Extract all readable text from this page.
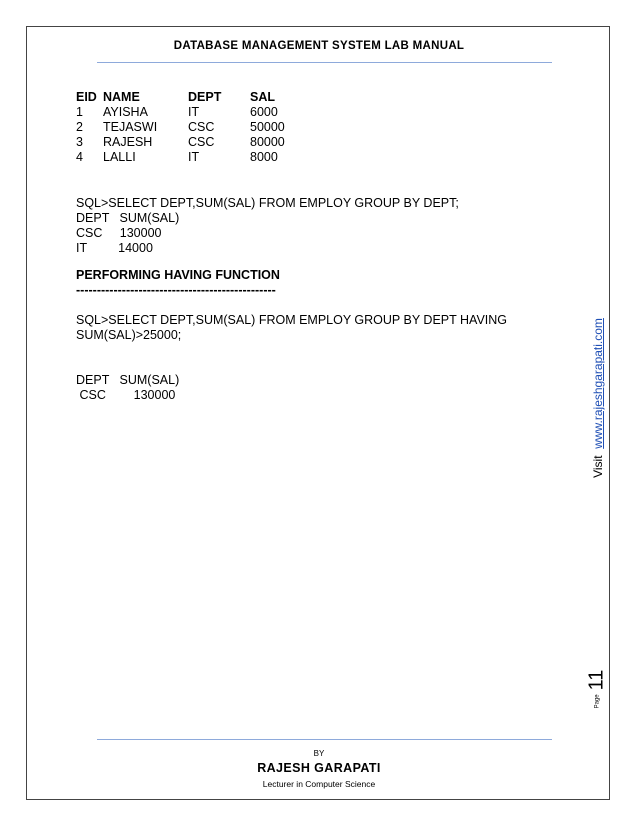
DATABASE MANAGEMENT SYSTEM LAB MANUAL
EID	NAME	DEPT	SAL
1	AYISHA	IT	6000
2	TEJASWI	CSC	50000
3	RAJESH	CSC	80000
4	LALLI	IT	8000

SQL>SELECT DEPT,SUM(SAL) FROM EMPLOY GROUP BY DEPT;

DEPT   SUM(SAL)

CSC     130000

IT         14000

PERFORMING HAVING FUNCTION

------------------------------------------------

SQL>SELECT DEPT,SUM(SAL) FROM EMPLOY GROUP BY DEPT HAVING

SUM(SAL)>25000;

DEPT   SUM(SAL)

CSC        130000

Visit  www.rajeshgarapati.com
Page11
BY
RAJESH GARAPATI
Lecturer in Computer Science
